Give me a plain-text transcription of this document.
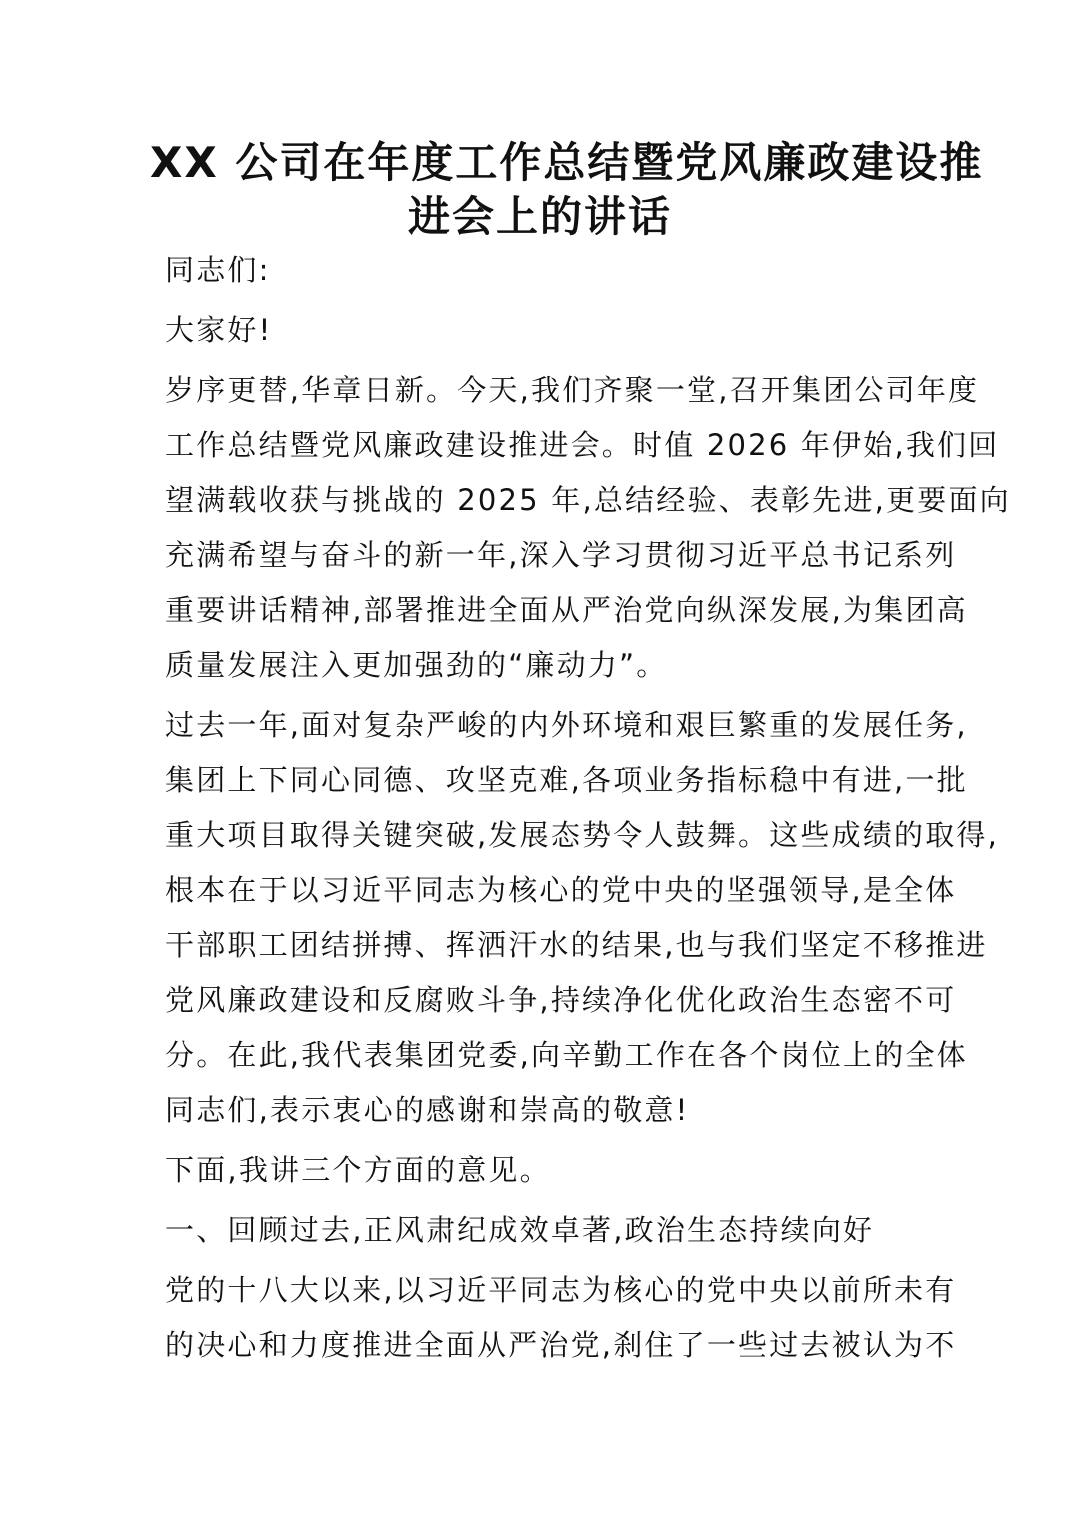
XX 公司在年度工作总结暨党风廉政建设推
进会上的讲话
同志们:
大家好!
岁序更替,华章日新。今天,我们齐聚一堂,召开集团公司年度
工作总结暨党风廉政建设推进会。时值 2026 年伊始,我们回
望满载收获与挑战的 2025 年,总结经验、表彰先进,更要面向
充满希望与奋斗的新一年,深入学习贯彻习近平总书记系列
重要讲话精神,部署推进全面从严治党向纵深发展,为集团高
质量发展注入更加强劲的“廉动力”。
过去一年,面对复杂严峻的内外环境和艰巨繁重的发展任务,
集团上下同心同德、攻坚克难,各项业务指标稳中有进,一批
重大项目取得关键突破,发展态势令人鼓舞。这些成绩的取得,
根本在于以习近平同志为核心的党中央的坚强领导,是全体
干部职工团结拼搏、挥洒汗水的结果,也与我们坚定不移推进
党风廉政建设和反腐败斗争,持续净化优化政治生态密不可
分。在此,我代表集团党委,向辛勤工作在各个岗位上的全体
同志们,表示衷心的感谢和崇高的敬意!
下面,我讲三个方面的意见。
一、回顾过去,正风肃纪成效卓著,政治生态持续向好
党的十八大以来,以习近平同志为核心的党中央以前所未有
的决心和力度推进全面从严治党,刹住了一些过去被认为不
